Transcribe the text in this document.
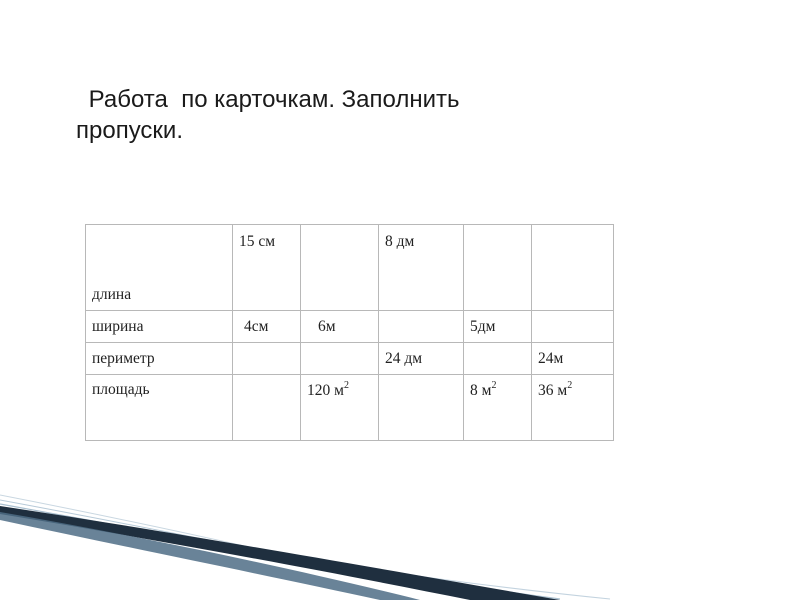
Работа  по карточкам. Заполнить
пропуски.
длина	15 см		8 дм		
ширина	4см	6м		5дм	
периметр			24 дм		24м
площадь		120 $м^2$		8 $м^2$	36 $м^2$
